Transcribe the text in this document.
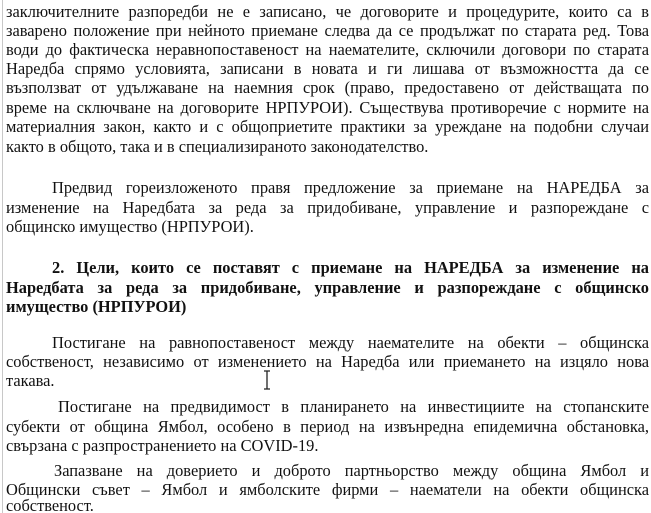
заключителните разпоредби не е записано, че договорите и процедурите, които са в
заварено положение при нейното приемане следва да се продължат по старата ред. Това
води до фактическа неравнопоставеност на наемателите, сключили договори по старата
Наредба спрямо условията, записани в новата и ги лишава от възможността да се
възползват от удължаване на наемния срок (право, предоставено от действащата по
време на сключване на договорите НРПУРОИ). Съществува противоречие с нормите на
материалния закон, както и с общоприетите практики за уреждане на подобни случаи
както в общото, така и в специализираното законодателство.
Предвид гореизложеното правя предложение за приемане на НАРЕДБА за
изменение на Наредбата за реда за придобиване, управление и разпореждане с
общинско имущество (НРПУРОИ).
2. Цели, които се поставят с приемане на НАРЕДБА за изменение на
Наредбата за реда за придобиване, управление и разпореждане с общинско
имущество (НРПУРОИ)
Постигане на равнопоставеност между наемателите на обекти – общинска
собственост, независимо от изменението на Наредба или приемането на изцяло нова
такава.
Постигане на предвидимост в планирането на инвестициите на стопанските
субекти от община Ямбол, особено в период на извънредна епидемична обстановка,
свързана с разпространението на COVID-19.
Запазване на доверието и доброто партньорство между община Ямбол и
Общински съвет – Ямбол и ямболските фирми – наематели на обекти общинска
собственост.
